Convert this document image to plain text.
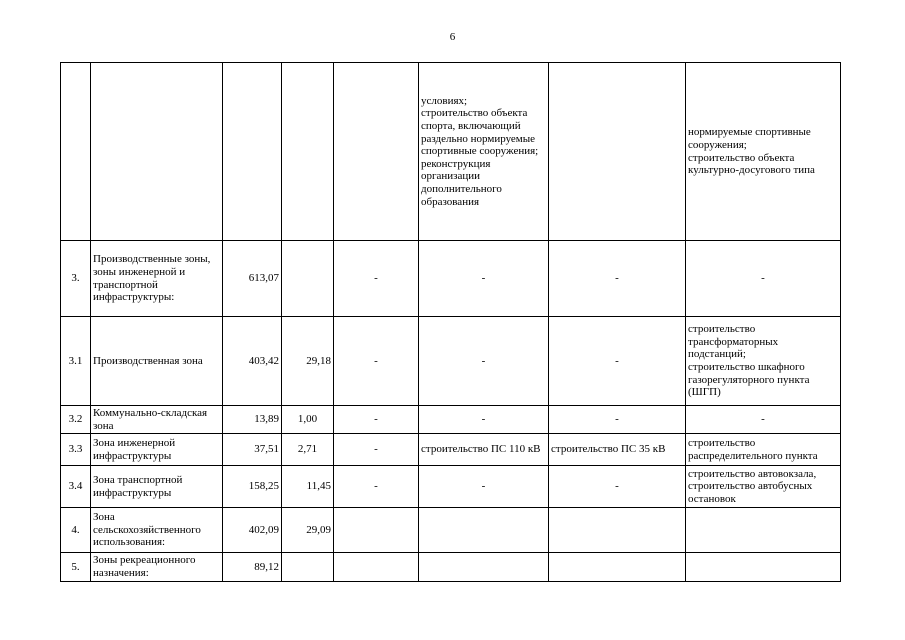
6
					условиях;
строительство объекта спорта, включающий раздельно нормируемые спортивные сооружения;
реконструкция организации дополнительного образования		нормируемые спортивные сооружения;
строительство объекта культурно-досугового типа
3.	Производственные зоны, зоны инженерной и транспортной инфраструктуры:	613,07		-	-	-	-
3.1	Производственная зона	403,42	29,18	-	-	-	строительство трансформаторных подстанций;
строительство шкафного газорегуляторного пункта (ШГП)
3.2	Коммунально-складская зона	13,89	1,00	-	-	-	-
3.3	Зона инженерной инфраструктуры	37,51	2,71	-	строительство ПС 110 кВ	строительство ПС 35 кВ	строительство распределительного пункта
3.4	Зона транспортной инфраструктуры	158,25	11,45	-	-	-	строительство автовокзала,
строительство автобусных остановок
4.	Зона сельскохозяйственного использования:	402,09	29,09				
5.	Зоны рекреационного назначения:	89,12					
